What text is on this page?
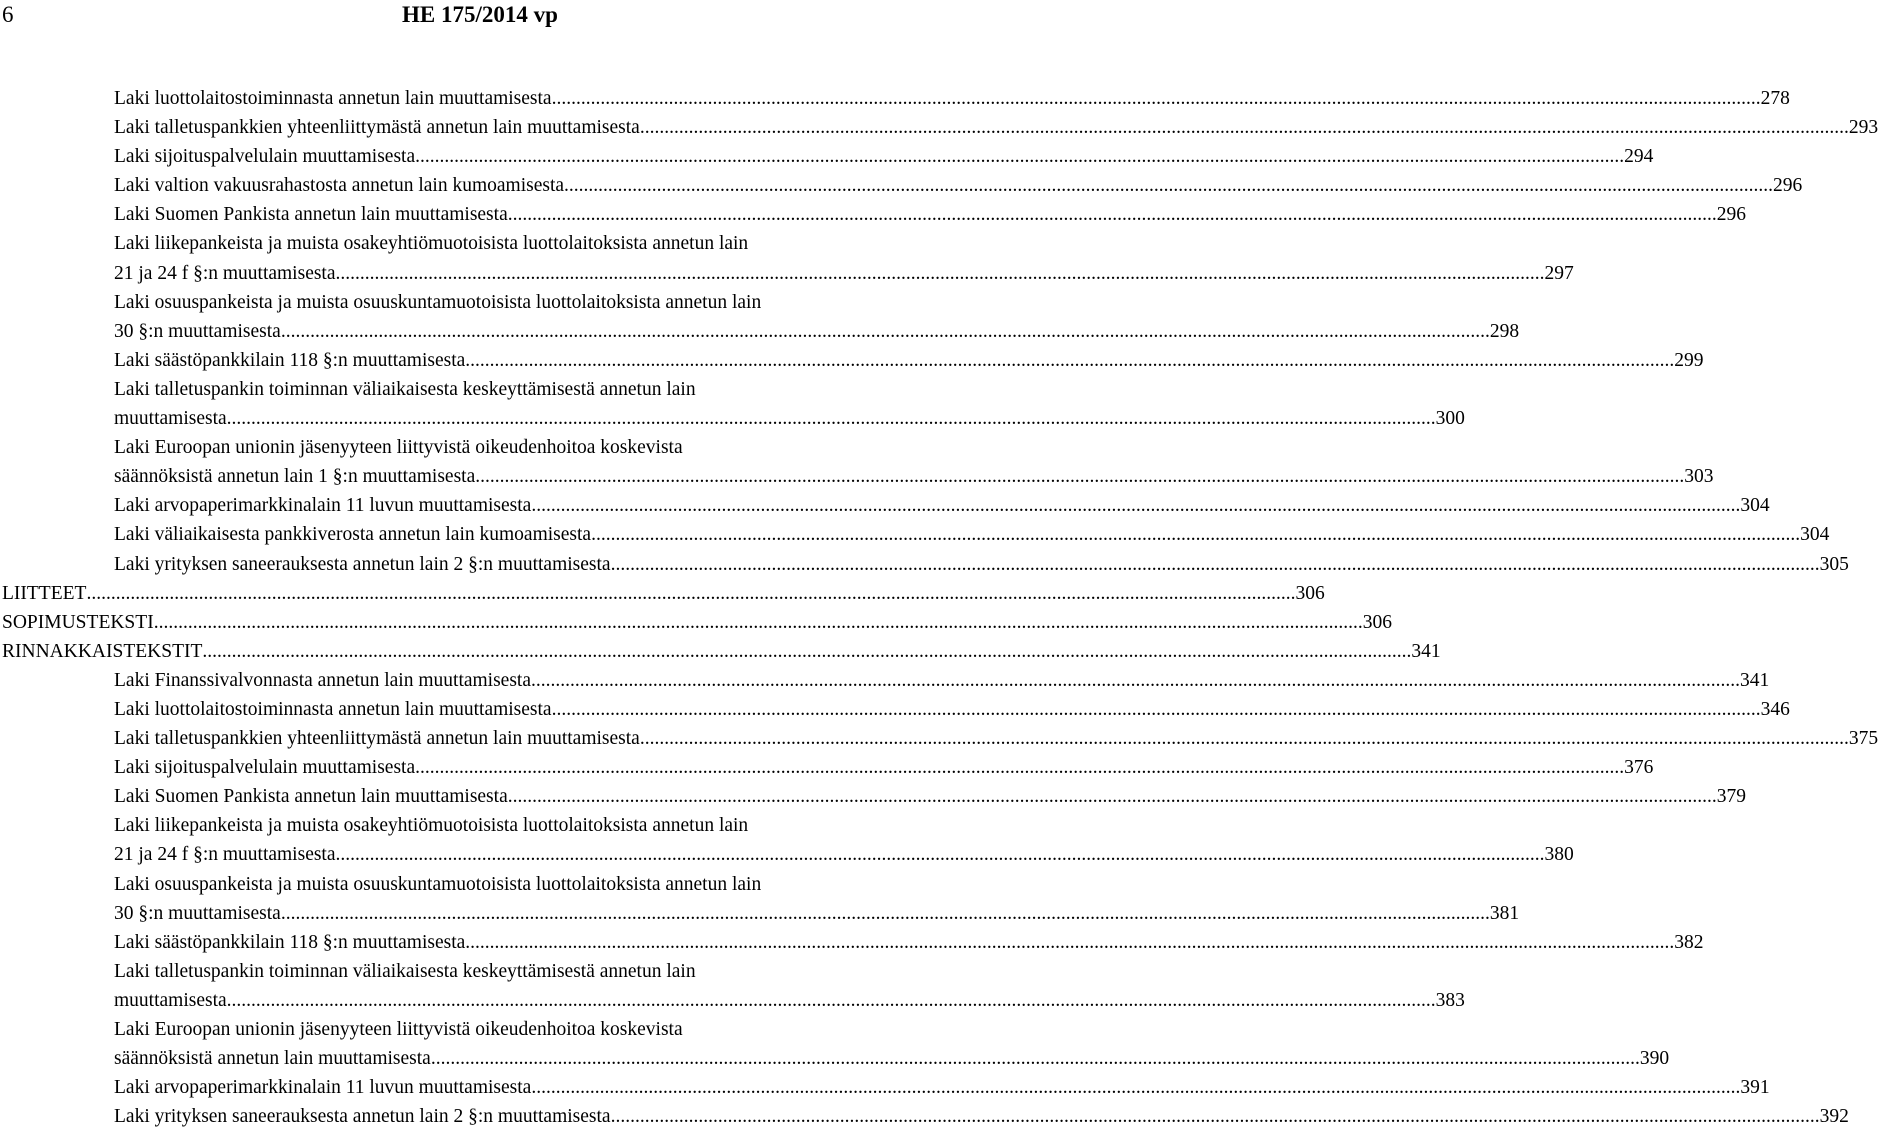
6	HE 175/2014 vp
Laki luottolaitostoiminnasta annetun lain muuttamisesta .....	278
Laki talletuspankkien yhteenliittymästä annetun lain muuttamisesta .....	293
Laki sijoituspalvelulain muuttamisesta .....	294
Laki valtion vakuusrahastosta annetun lain kumoamisesta .....	296
Laki Suomen Pankista annetun lain muuttamisesta .....	296
Laki liikepankeista ja muista osakeyhtiömuotoisista luottolaitoksista annetun lain
21 ja 24 f §:n muuttamisesta .....	297
Laki osuuspankeista ja muista osuuskuntamuotoisista luottolaitoksista annetun lain
30 §:n muuttamisesta .....	298
Laki säästöpankkilain 118 §:n muuttamisesta .....	299
Laki talletuspankin toiminnan väliaikaisesta keskeyttämisestä annetun lain
muuttamisesta .....	300
Laki Euroopan unionin jäsenyyteen liittyvistä oikeudenhoitoa koskevista
säännöksistä annetun lain 1 §:n muuttamisesta .....	303
Laki arvopaperimarkkinalain 11 luvun muuttamisesta .....	304
Laki väliaikaisesta pankkiverosta annetun lain kumoamisesta .....	304
Laki yrityksen saneerauksesta annetun lain 2 §:n muuttamisesta .....	305
LIITTEET .....	306
SOPIMUSTEKSTI .....	306
RINNAKKAISTEKSTIT .....	341
Laki Finanssivalvonnasta annetun lain muuttamisesta .....	341
Laki luottolaitostoiminnasta annetun lain muuttamisesta .....	346
Laki talletuspankkien yhteenliittymästä annetun lain muuttamisesta .....	375
Laki sijoituspalvelulain muuttamisesta .....	376
Laki Suomen Pankista annetun lain muuttamisesta .....	379
Laki liikepankeista ja muista osakeyhtiömuotoisista luottolaitoksista annetun lain
21 ja 24 f §:n muuttamisesta .....	380
Laki osuuspankeista ja muista osuuskuntamuotoisista luottolaitoksista annetun lain
30 §:n muuttamisesta .....	381
Laki säästöpankkilain 118 §:n muuttamisesta .....	382
Laki talletuspankin toiminnan väliaikaisesta keskeyttämisestä annetun lain
muuttamisesta .....	383
Laki Euroopan unionin jäsenyyteen liittyvistä oikeudenhoitoa koskevista
säännöksistä annetun lain muuttamisesta .....	390
Laki arvopaperimarkkinalain 11 luvun muuttamisesta .....	391
Laki yrityksen saneerauksesta annetun lain 2 §:n muuttamisesta .....	392
